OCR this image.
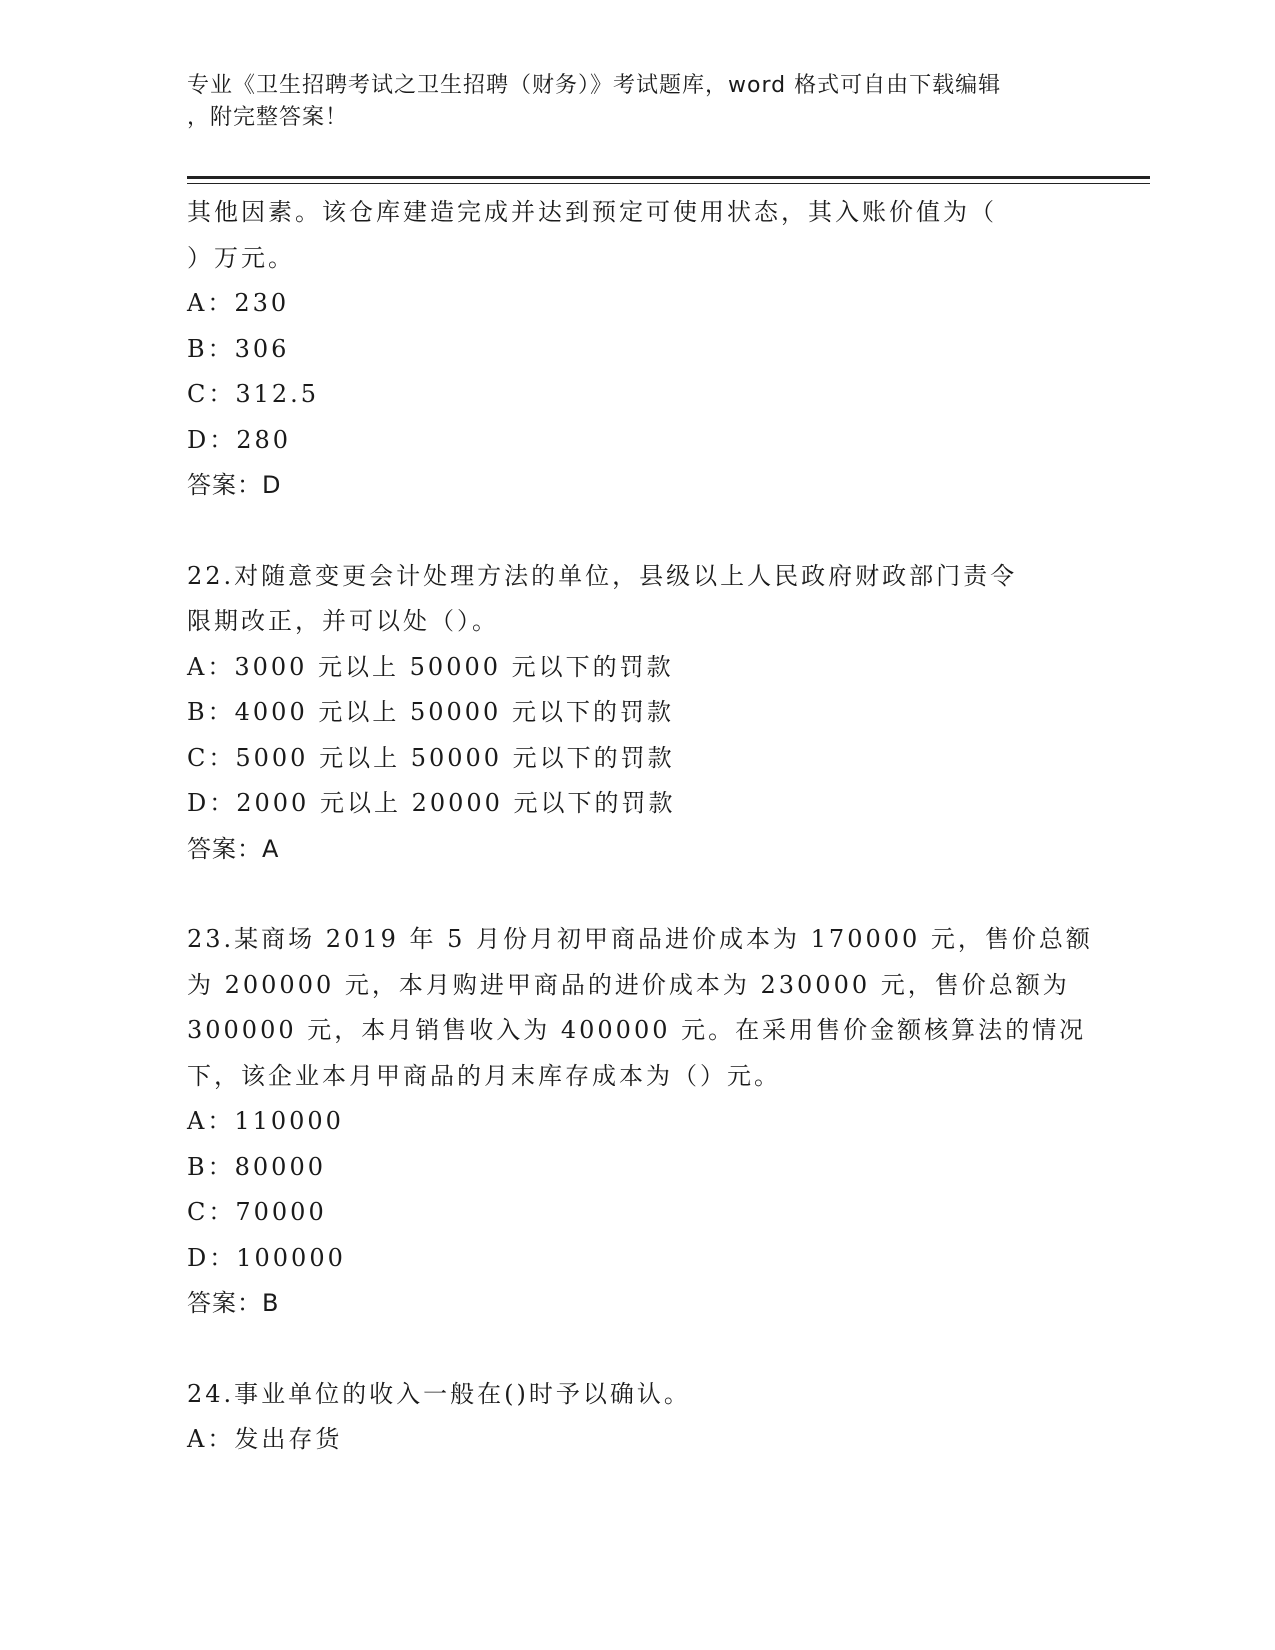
专业《卫生招聘考试之卫生招聘（财务）》考试题库，word 格式可自由下载编辑
，附完整答案！
其他因素。该仓库建造完成并达到预定可使用状态，其入账价值为（
）万元。
A：230
B：306
C：312.5
D：280
答案：D
22.对随意变更会计处理方法的单位，县级以上人民政府财政部门责令
限期改正，并可以处（）。
A：3000 元以上 50000 元以下的罚款
B：4000 元以上 50000 元以下的罚款
C：5000 元以上 50000 元以下的罚款
D：2000 元以上 20000 元以下的罚款
答案：A
23.某商场 2019 年 5 月份月初甲商品进价成本为 170000 元，售价总额
为 200000 元，本月购进甲商品的进价成本为 230000 元，售价总额为
300000 元，本月销售收入为 400000 元。在采用售价金额核算法的情况
下，该企业本月甲商品的月末库存成本为（）元。
A：110000
B：80000
C：70000
D：100000
答案：B
24.事业单位的收入一般在()时予以确认。
A：发出存货
